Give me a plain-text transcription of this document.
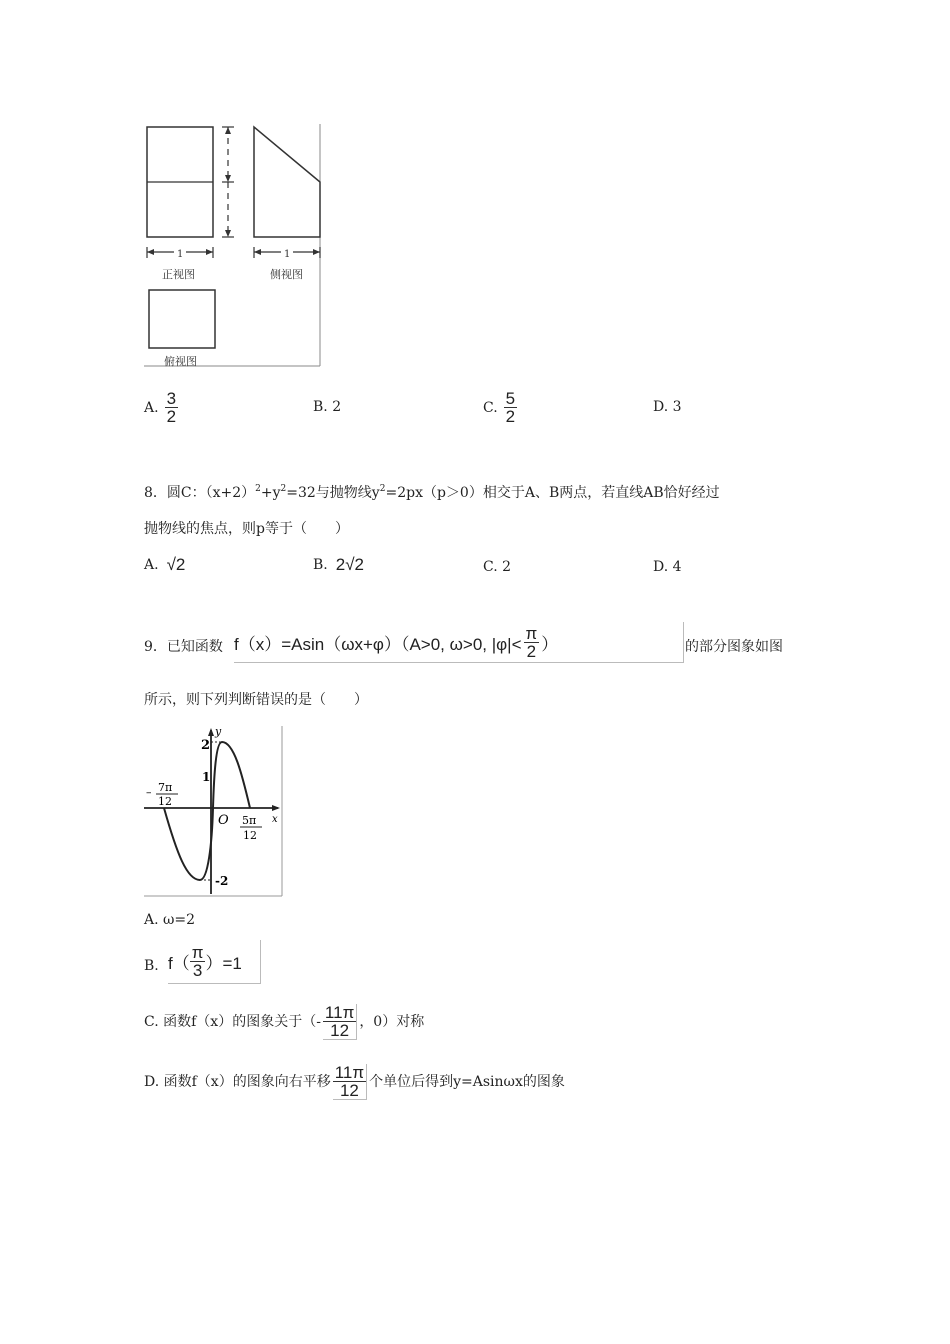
1
正视图
1
侧视图
俯视图
A. $\frac{3}{2}$	B. 2	C. $\frac{5}{2}$	D. 3
8．圆C：$(x+2)^2+y^2=32$与抛物线$y^2=2px(p>0)$相交于A、B两点，若直线AB恰好经过
抛物线的焦点，则p等于（　　）
A. √2	B. 2√2	C. 2	D. 4
9．已知函数 f（x）=Asin（ωx+φ）（A>0, ω>0, $|\varphi|< \frac{\pi}{2}$ ）	的部分图象如图
所示，则下列判断错误的是（　　）
y
x
O
2
1
-2
7π
12
–
5π
12
A. ω=2
B. $f( \frac{\pi}{3} )=1$
C. 函数f（x）的图象关于（- $\frac{11\pi}{12}$ ，0）对称
D. 函数f（x）的图象向右平移 $\frac{11\pi}{12}$ 个单位后得到y=Asinωx的图象
